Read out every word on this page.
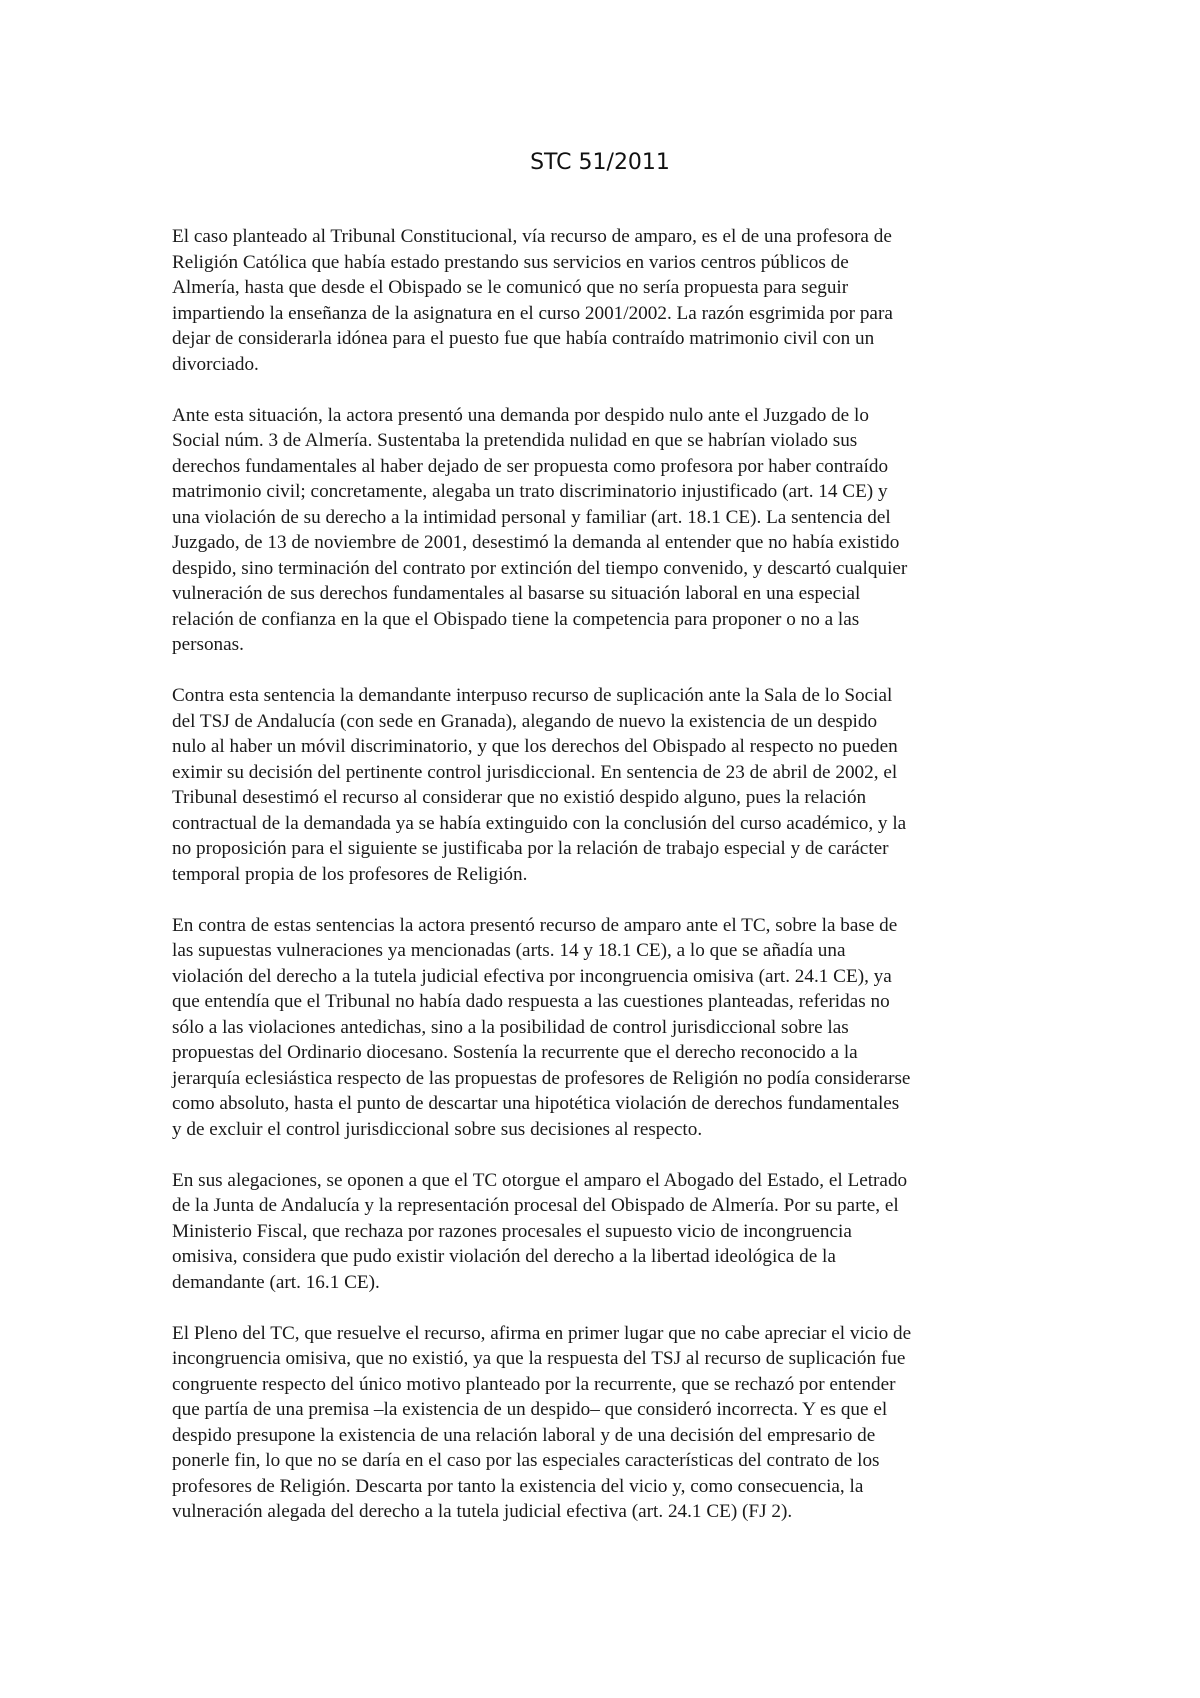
STC 51/2011

El caso planteado al Tribunal Constitucional, vía recurso de amparo, es el de una profesora de
Religión Católica que había estado prestando sus servicios en varios centros públicos de
Almería, hasta que desde el Obispado se le comunicó que no sería propuesta para seguir
impartiendo la enseñanza de la asignatura en el curso 2001/2002. La razón esgrimida por para
dejar de considerarla idónea para el puesto fue que había contraído matrimonio civil con un
divorciado.

Ante esta situación, la actora presentó una demanda por despido nulo ante el Juzgado de lo
Social núm. 3 de Almería. Sustentaba la pretendida nulidad en que se habrían violado sus
derechos fundamentales al haber dejado de ser propuesta como profesora por haber contraído
matrimonio civil; concretamente, alegaba un trato discriminatorio injustificado (art. 14 CE) y
una violación de su derecho a la intimidad personal y familiar (art. 18.1 CE). La sentencia del
Juzgado, de 13 de noviembre de 2001, desestimó la demanda al entender que no había existido
despido, sino terminación del contrato por extinción del tiempo convenido, y descartó cualquier
vulneración de sus derechos fundamentales al basarse su situación laboral en una especial
relación de confianza en la que el Obispado tiene la competencia para proponer o no a las
personas.

Contra esta sentencia la demandante interpuso recurso de suplicación ante la Sala de lo Social
del TSJ de Andalucía (con sede en Granada), alegando de nuevo la existencia de un despido
nulo al haber un móvil discriminatorio, y que los derechos del Obispado al respecto no pueden
eximir su decisión del pertinente control jurisdiccional. En sentencia de 23 de abril de 2002, el
Tribunal desestimó el recurso al considerar que no existió despido alguno, pues la relación
contractual de la demandada ya se había extinguido con la conclusión del curso académico, y la
no proposición para el siguiente se justificaba por la relación de trabajo especial y de carácter
temporal propia de los profesores de Religión.

En contra de estas sentencias la actora presentó recurso de amparo ante el TC, sobre la base de
las supuestas vulneraciones ya mencionadas (arts. 14 y 18.1 CE), a lo que se añadía una
violación del derecho a la tutela judicial efectiva por incongruencia omisiva (art. 24.1 CE), ya
que entendía que el Tribunal no había dado respuesta a las cuestiones planteadas, referidas no
sólo a las violaciones antedichas, sino a la posibilidad de control jurisdiccional sobre las
propuestas del Ordinario diocesano. Sostenía la recurrente que el derecho reconocido a la
jerarquía eclesiástica respecto de las propuestas de profesores de Religión no podía considerarse
como absoluto, hasta el punto de descartar una hipotética violación de derechos fundamentales
y de excluir el control jurisdiccional sobre sus decisiones al respecto.

En sus alegaciones, se oponen a que el TC otorgue el amparo el Abogado del Estado, el Letrado
de la Junta de Andalucía y la representación procesal del Obispado de Almería. Por su parte, el
Ministerio Fiscal, que rechaza por razones procesales el supuesto vicio de incongruencia
omisiva, considera que pudo existir violación del derecho a la libertad ideológica de la
demandante (art. 16.1 CE).

El Pleno del TC, que resuelve el recurso, afirma en primer lugar que no cabe apreciar el vicio de
incongruencia omisiva, que no existió, ya que la respuesta del TSJ al recurso de suplicación fue
congruente respecto del único motivo planteado por la recurrente, que se rechazó por entender
que partía de una premisa –la existencia de un despido– que consideró incorrecta. Y es que el
despido presupone la existencia de una relación laboral y de una decisión del empresario de
ponerle fin, lo que no se daría en el caso por las especiales características del contrato de los
profesores de Religión. Descarta por tanto la existencia del vicio y, como consecuencia, la
vulneración alegada del derecho a la tutela judicial efectiva (art. 24.1 CE) (FJ 2).
